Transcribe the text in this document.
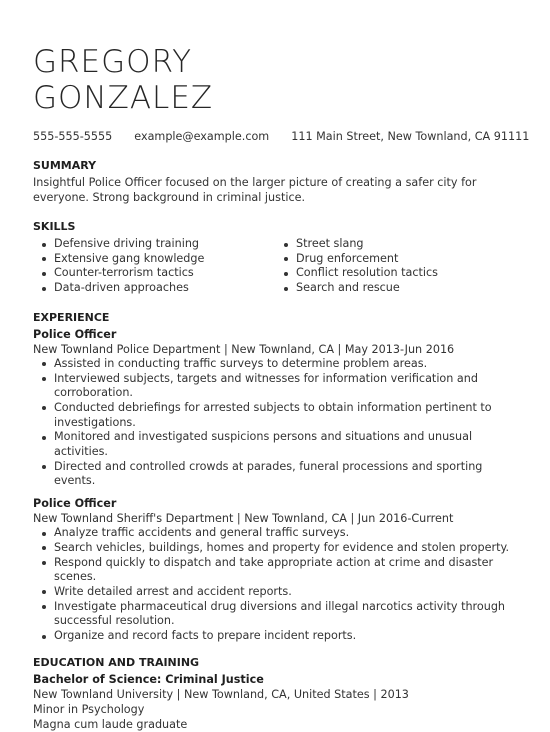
GREGORY
GONZALEZ
555-555-5555 example@example.com 111 Main Street, New Townland, CA 91111
SUMMARY
Insightful Police Officer focused on the larger picture of creating a safer city for everyone. Strong background in criminal justice.
SKILLS
Defensive driving training
Extensive gang knowledge
Counter-terrorism tactics
Data-driven approaches
Street slang
Drug enforcement
Conflict resolution tactics
Search and rescue
EXPERIENCE
Police Officer
New Townland Police Department | New Townland, CA | May 2013-Jun 2016
Assisted in conducting traffic surveys to determine problem areas.
Interviewed subjects, targets and witnesses for information verification and corroboration.
Conducted debriefings for arrested subjects to obtain information pertinent to investigations.
Monitored and investigated suspicions persons and situations and unusual activities.
Directed and controlled crowds at parades, funeral processions and sporting events.
Police Officer
New Townland Sheriff's Department | New Townland, CA | Jun 2016-Current
Analyze traffic accidents and general traffic surveys.
Search vehicles, buildings, homes and property for evidence and stolen property.
Respond quickly to dispatch and take appropriate action at crime and disaster scenes.
Write detailed arrest and accident reports.
Investigate pharmaceutical drug diversions and illegal narcotics activity through successful resolution.
Organize and record facts to prepare incident reports.
EDUCATION AND TRAINING
Bachelor of Science: Criminal Justice
New Townland University | New Townland, CA, United States | 2013
Minor in Psychology
Magna cum laude graduate
